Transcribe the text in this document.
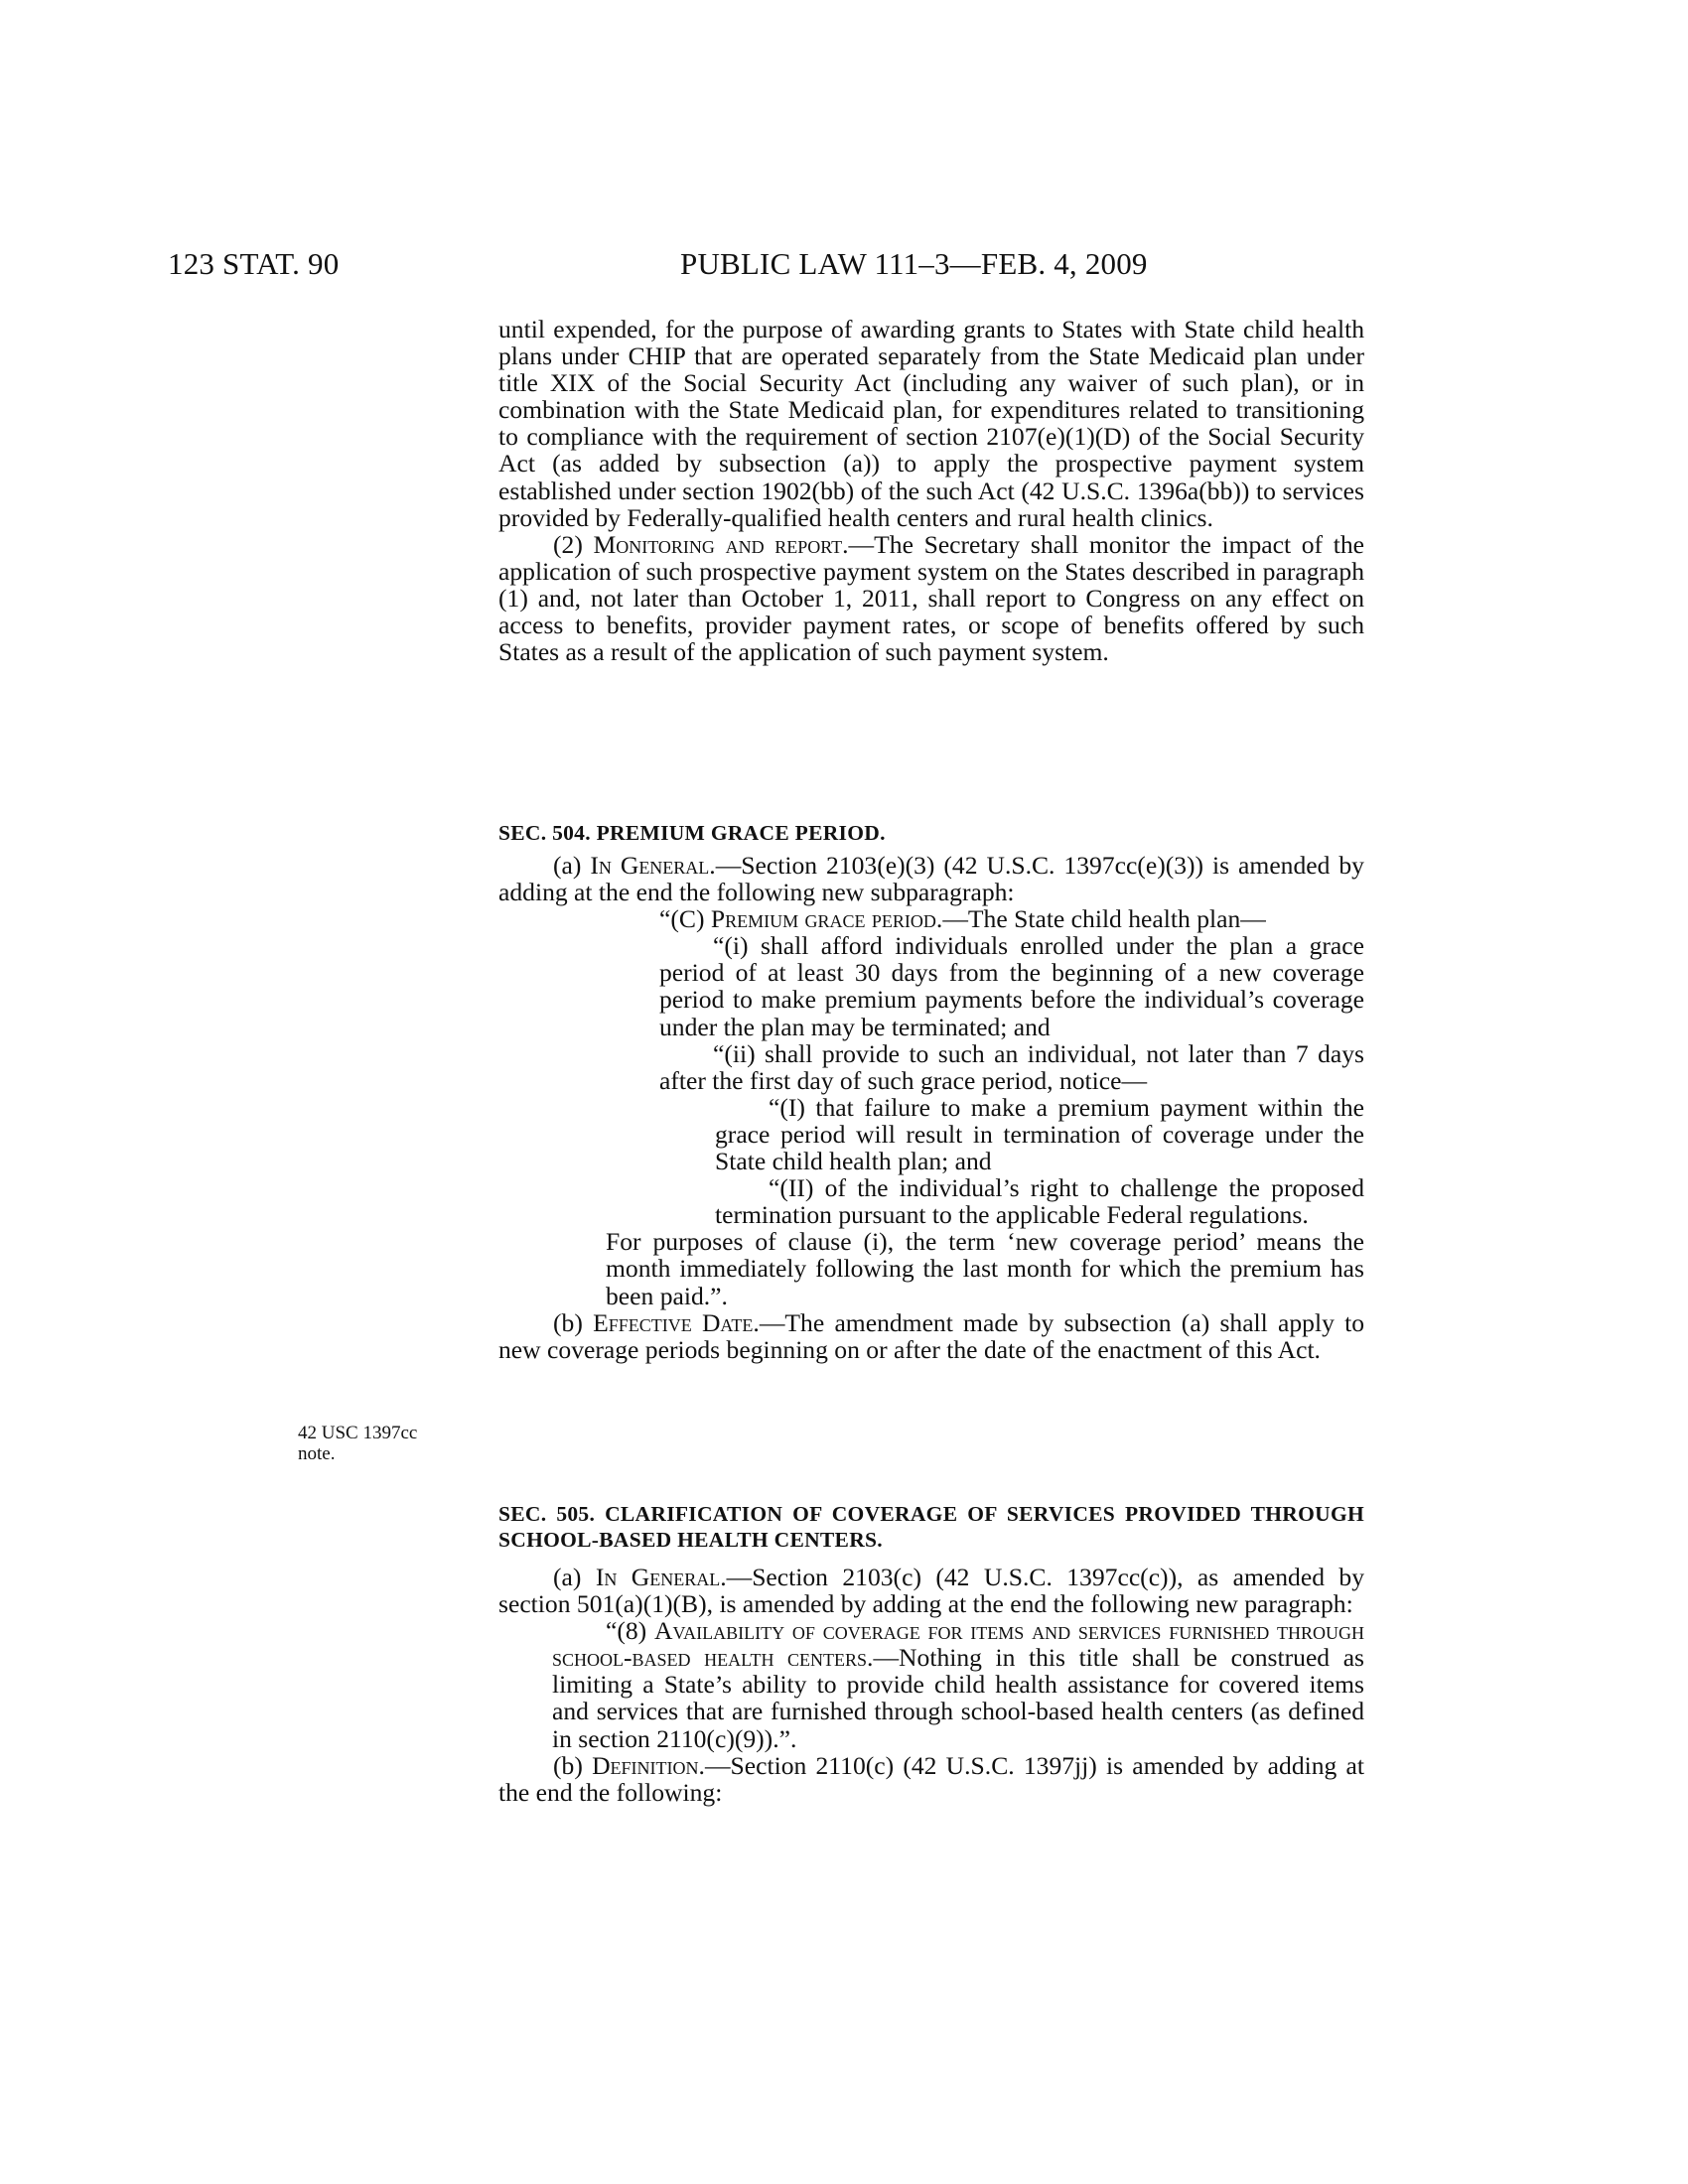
123 STAT. 90	PUBLIC LAW 111–3—FEB. 4, 2009
42 USC 1397cc
note.

until expended, for the purpose of awarding grants to States with State child health plans under CHIP that are operated separately from the State Medicaid plan under title XIX of the Social Security Act (including any waiver of such plan), or in combination with the State Medicaid plan, for expenditures related to transitioning to compliance with the requirement of section 2107(e)(1)(D) of the Social Security Act (as added by subsection (a)) to apply the prospective payment system established under section 1902(bb) of the such Act (42 U.S.C. 1396a(bb)) to services provided by Federally-qualified health centers and rural health clinics.

(2) Monitoring and report.—The Secretary shall monitor the impact of the application of such prospective payment system on the States described in paragraph (1) and, not later than October 1, 2011, shall report to Congress on any effect on access to benefits, provider payment rates, or scope of benefits offered by such States as a result of the application of such payment system.

SEC. 504. PREMIUM GRACE PERIOD.

(a) In General.—Section 2103(e)(3) (42 U.S.C. 1397cc(e)(3)) is amended by adding at the end the following new subparagraph:

“(C) Premium grace period.—The State child health plan—

“(i) shall afford individuals enrolled under the plan a grace period of at least 30 days from the beginning of a new coverage period to make premium payments before the individual’s coverage under the plan may be terminated; and

“(ii) shall provide to such an individual, not later than 7 days after the first day of such grace period, notice—

“(I) that failure to make a premium payment within the grace period will result in termination of coverage under the State child health plan; and

“(II) of the individual’s right to challenge the proposed termination pursuant to the applicable Federal regulations.

For purposes of clause (i), the term ‘new coverage period’ means the month immediately following the last month for which the premium has been paid.”.

(b) Effective Date.—The amendment made by subsection (a) shall apply to new coverage periods beginning on or after the date of the enactment of this Act.

SEC. 505. CLARIFICATION OF COVERAGE OF SERVICES PROVIDED THROUGH SCHOOL-BASED HEALTH CENTERS.

(a) In General.—Section 2103(c) (42 U.S.C. 1397cc(c)), as amended by section 501(a)(1)(B), is amended by adding at the end the following new paragraph:

“(8) Availability of coverage for items and services furnished through school-based health centers.—Nothing in this title shall be construed as limiting a State’s ability to provide child health assistance for covered items and services that are furnished through school-based health centers (as defined in section 2110(c)(9)).”.

(b) Definition.—Section 2110(c) (42 U.S.C. 1397jj) is amended by adding at the end the following:
